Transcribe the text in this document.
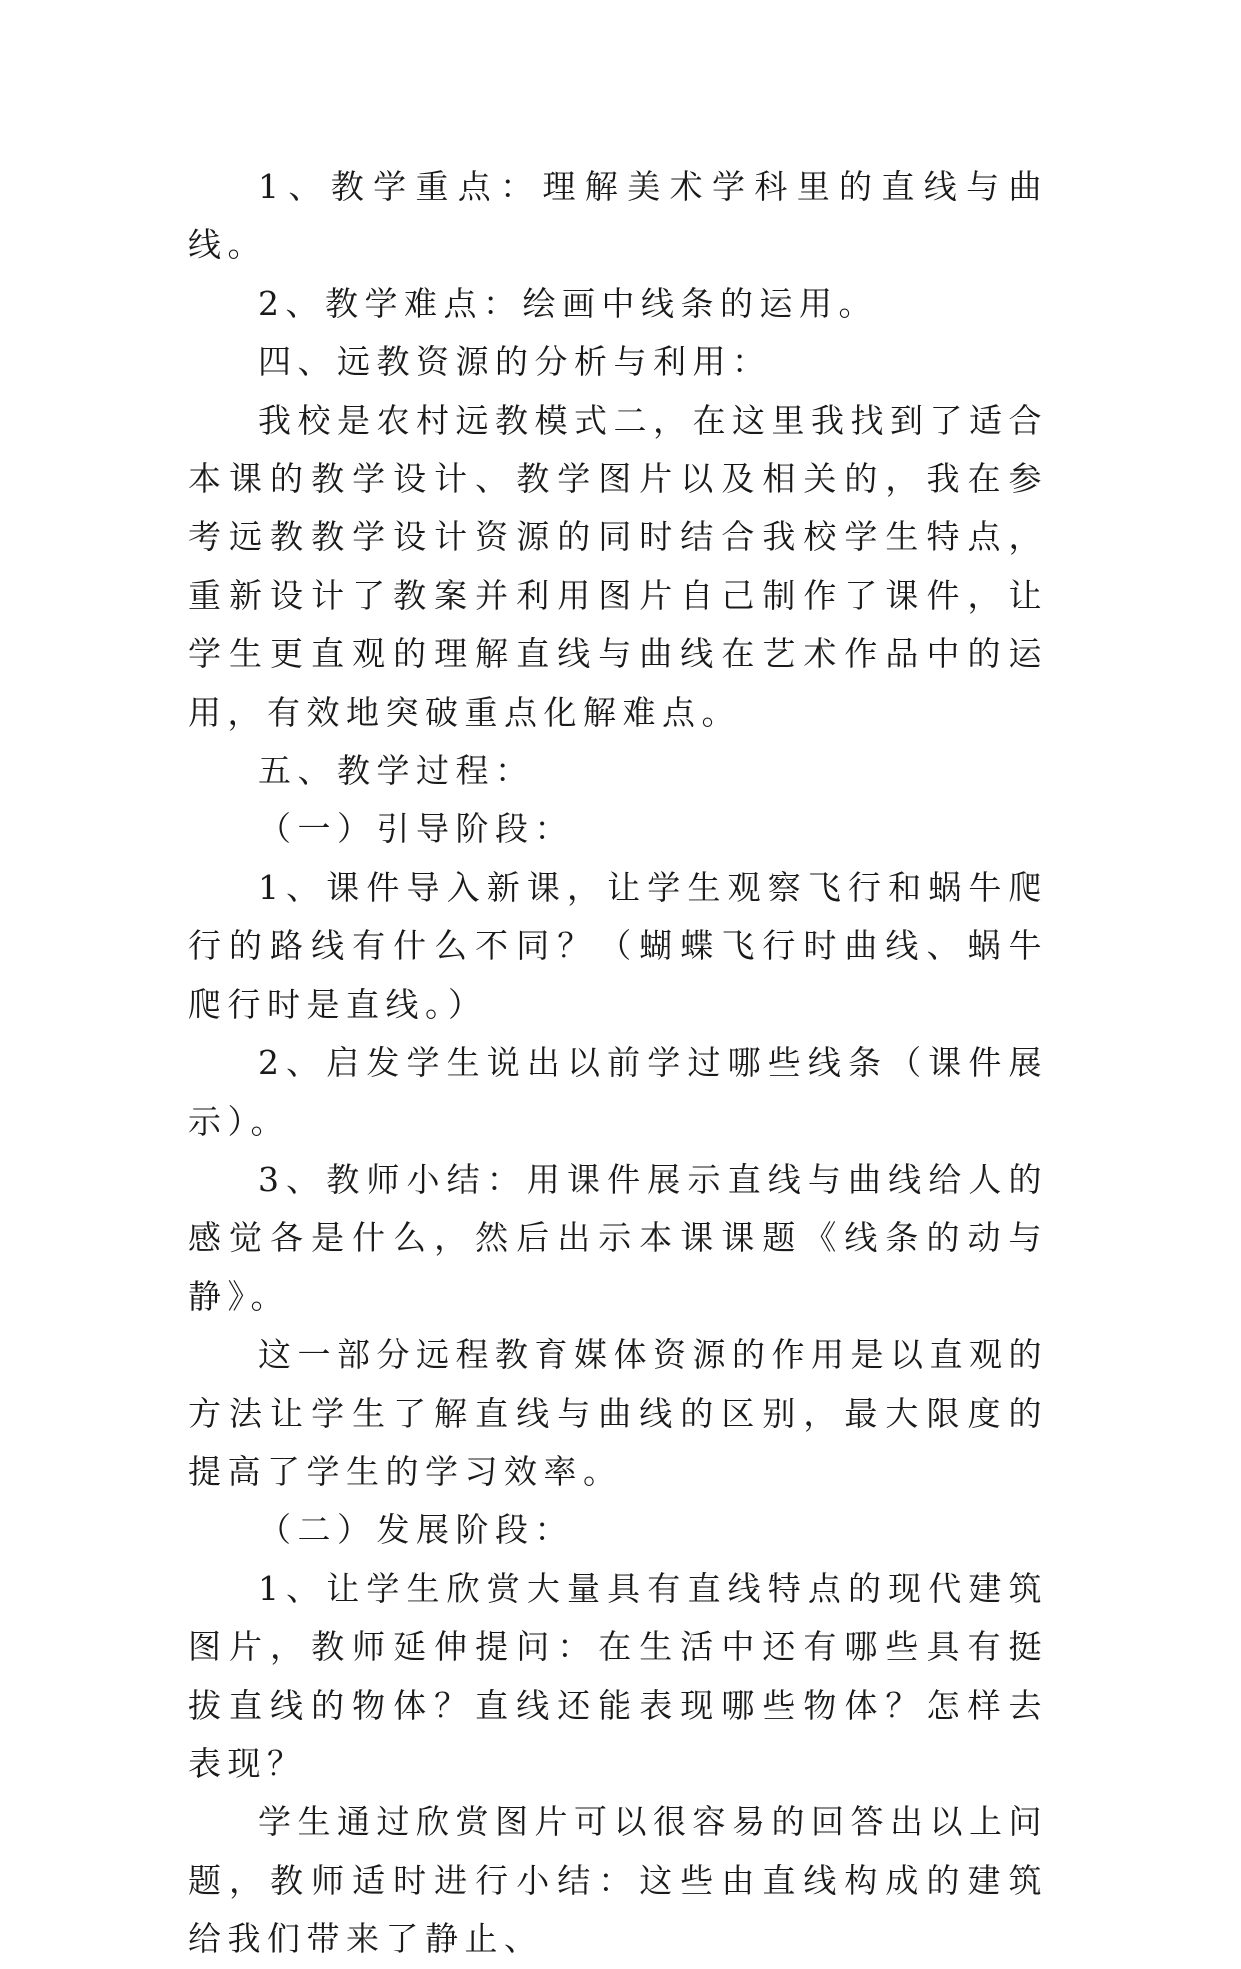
1、教学重点：理解美术学科里的直线与曲线。

2、教学难点：绘画中线条的运用。

四、远教资源的分析与利用：

我校是农村远教模式二，在这里我找到了适合本课的教学设计、教学图片以及相关的，我在参考远教教学设计资源的同时结合我校学生特点，重新设计了教案并利用图片自己制作了课件，让学生更直观的理解直线与曲线在艺术作品中的运用，有效地突破重点化解难点。

五、教学过程：

（一）引导阶段：

1、课件导入新课，让学生观察飞行和蜗牛爬行的路线有什么不同？（蝴蝶飞行时曲线、蜗牛爬行时是直线。）

2、启发学生说出以前学过哪些线条（课件展示）。

3、教师小结：用课件展示直线与曲线给人的感觉各是什么，然后出示本课课题《线条的动与静》。

这一部分远程教育媒体资源的作用是以直观的方法让学生了解直线与曲线的区别，最大限度的提高了学生的学习效率。

（二）发展阶段：

1、让学生欣赏大量具有直线特点的现代建筑图片，教师延伸提问：在生活中还有哪些具有挺拔直线的物体？直线还能表现哪些物体？怎样去表现？

学生通过欣赏图片可以很容易的回答出以上问题，教师适时进行小结：这些由直线构成的建筑给我们带来了静止、
